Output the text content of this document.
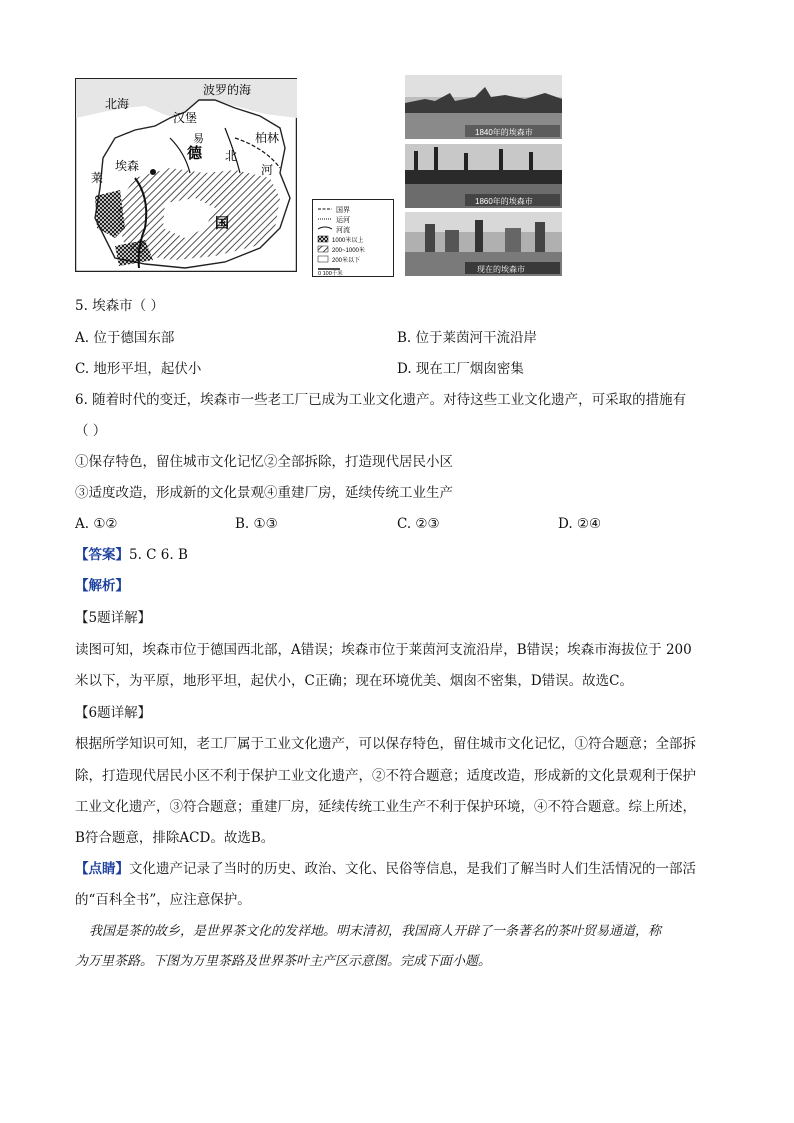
北海
波罗的海
汉堡
易	柏林
德 北
河
埃森
莱
国
国界
运河
河流
1000米以上
200~1000米
200米以下
0 100千米
1840年的埃森市
1860年的埃森市
现在的埃森市
5. 埃森市（ ）
A. 位于德国东部	B. 位于莱茵河干流沿岸
C. 地形平坦，起伏小	D. 现在工厂烟囱密集
6. 随着时代的变迁，埃森市一些老工厂已成为工业文化遗产。对待这些工业文化遗产，可采取的措施有
（ ）
①保存特色，留住城市文化记忆②全部拆除，打造现代居民小区
③适度改造，形成新的文化景观④重建厂房，延续传统工业生产
A. ①②	B. ①③	C. ②③	D. ②④
【答案】5. C 6. B
【解析】
【5题详解】
读图可知，埃森市位于德国西北部，A错误；埃森市位于莱茵河支流沿岸，B错误；埃森市海拔位于 200
米以下，为平原，地形平坦，起伏小，C正确；现在环境优美、烟囱不密集，D错误。故选C。
【6题详解】
根据所学知识可知，老工厂属于工业文化遗产，可以保存特色，留住城市文化记忆，①符合题意；全部拆
除，打造现代居民小区不利于保护工业文化遗产，②不符合题意；适度改造，形成新的文化景观利于保护
工业文化遗产，③符合题意；重建厂房，延续传统工业生产不利于保护环境，④不符合题意。综上所述，
B符合题意，排除ACD。故选B。
【点睛】文化遗产记录了当时的历史、政治、文化、民俗等信息，是我们了解当时人们生活情况的一部活
的“百科全书”，应注意保护。
我国是茶的故乡，是世界茶文化的发祥地。明末清初，我国商人开辟了一条著名的茶叶贸易通道，称
为万里茶路。下图为万里茶路及世界茶叶主产区示意图。完成下面小题。
